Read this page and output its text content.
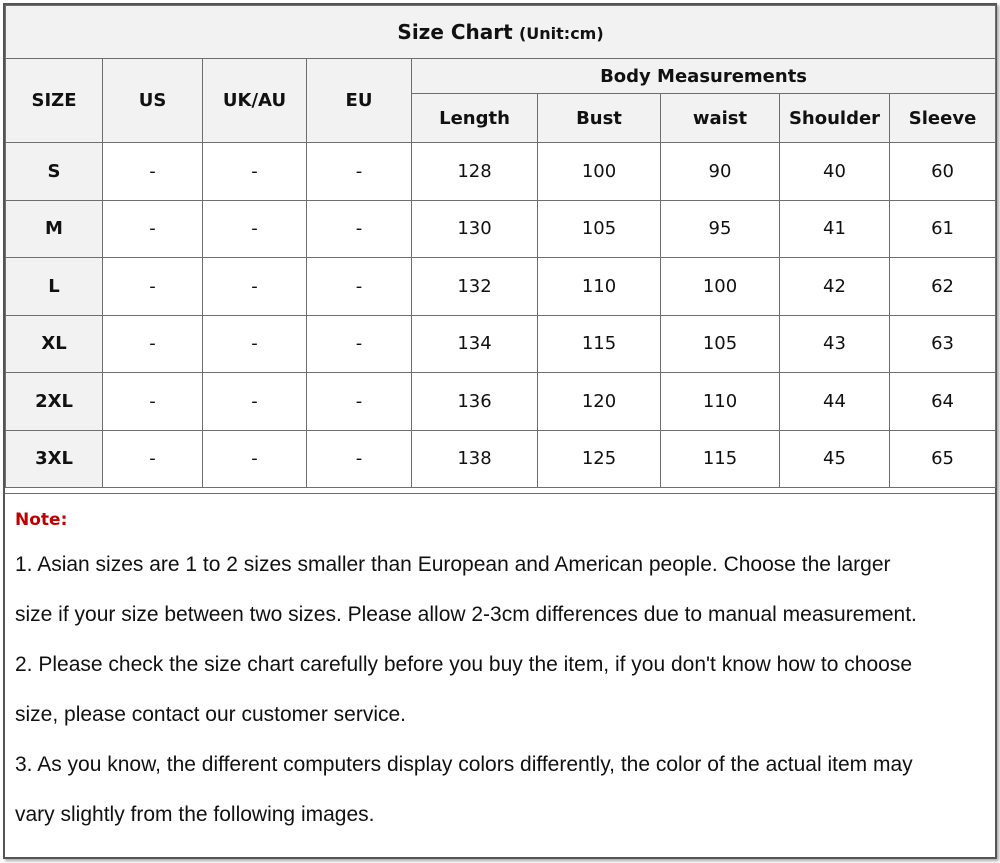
Size Chart (Unit:cm)								
SIZE	US	UK/AU	EU	Body Measurements				
				Length	Bust	waist	Shoulder	Sleeve
S	-	-	-	128	100	90	40	60
M	-	-	-	130	105	95	41	61
L	-	-	-	132	110	100	42	62
XL	-	-	-	134	115	105	43	63
2XL	-	-	-	136	120	110	44	64
3XL	-	-	-	138	125	115	45	65

Note:

1. Asian sizes are 1 to 2 sizes smaller than European and American people. Choose the larger

size if your size between two sizes. Please allow 2-3cm differences due to manual measurement.

2. Please check the size chart carefully before you buy the item, if you don't know how to choose

size, please contact our customer service.

3. As you know, the different computers display colors differently, the color of the actual item may

vary slightly from the following images.
